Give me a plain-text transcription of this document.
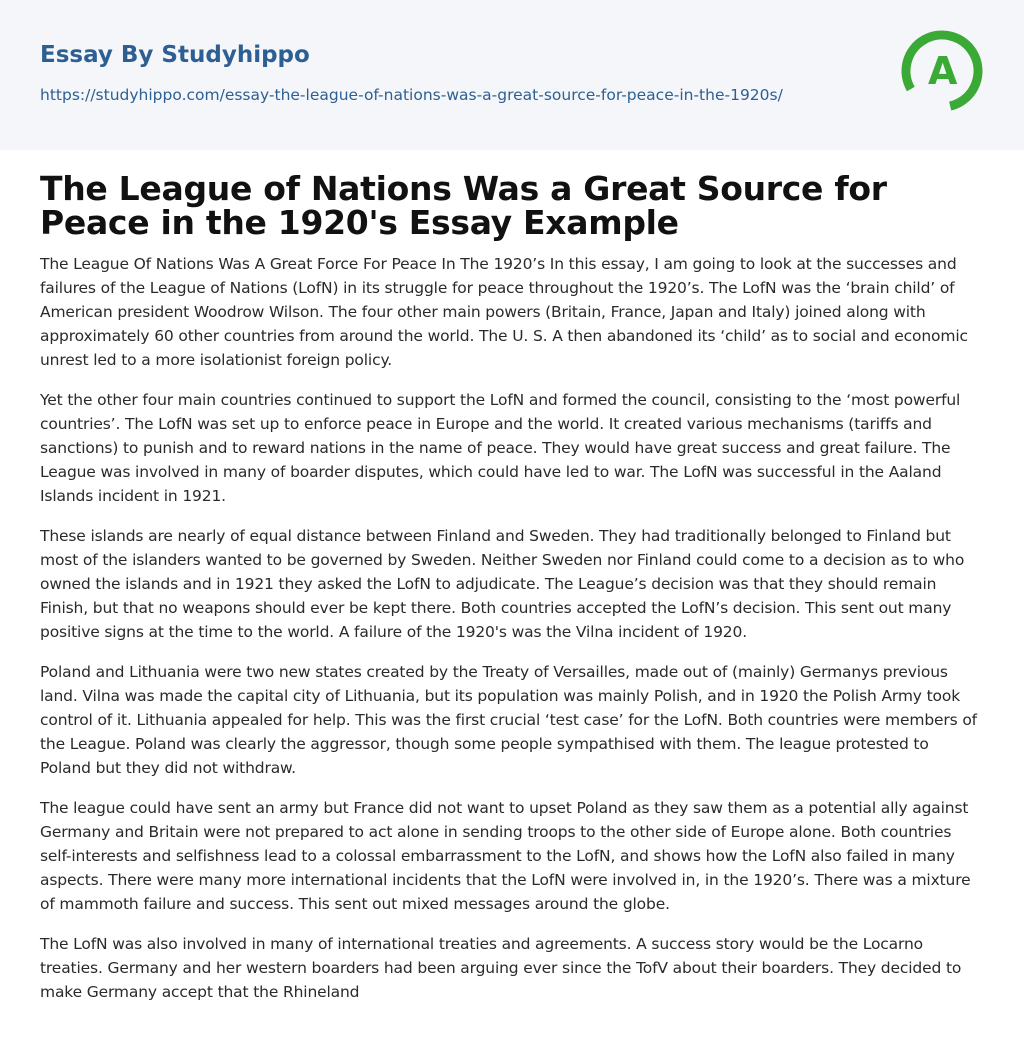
Essay By Studyhippo
https://studyhippo.com/essay-the-league-of-nations-was-a-great-source-for-peace-in-the-1920s/
A
The League of Nations Was a Great Source for Peace in the 1920's Essay Example

The League Of Nations Was A Great Force For Peace In The 1920’s In this essay, I am going to look at the successes and failures of the League of Nations (LofN) in its struggle for peace throughout the 1920’s. The LofN was the ‘brain child’ of American president Woodrow Wilson. The four other main powers (Britain, France, Japan and Italy) joined along with approximately 60 other countries from around the world. The U. S. A then abandoned its ‘child’ as to social and economic unrest led to a more isolationist foreign policy.

Yet the other four main countries continued to support the LofN and formed the council, consisting to the ‘most powerful countries’. The LofN was set up to enforce peace in Europe and the world. It created various mechanisms (tariffs and sanctions) to punish and to reward nations in the name of peace. They would have great success and great failure. The League was involved in many of boarder disputes, which could have led to war. The LofN was successful in the Aaland Islands incident in 1921.

These islands are nearly of equal distance between Finland and Sweden. They had traditionally belonged to Finland but most of the islanders wanted to be governed by Sweden. Neither Sweden nor Finland could come to a decision as to who owned the islands and in 1921 they asked the LofN to adjudicate. The League’s decision was that they should remain Finish, but that no weapons should ever be kept there. Both countries accepted the LofN’s decision. This sent out many positive signs at the time to the world. A failure of the 1920's was the Vilna incident of 1920.

Poland and Lithuania were two new states created by the Treaty of Versailles, made out of (mainly) Germanys previous land. Vilna was made the capital city of Lithuania, but its population was mainly Polish, and in 1920 the Polish Army took control of it. Lithuania appealed for help. This was the first crucial ‘test case’ for the LofN. Both countries were members of the League. Poland was clearly the aggressor, though some people sympathised with them. The league protested to Poland but they did not withdraw.

The league could have sent an army but France did not want to upset Poland as they saw them as a potential ally against Germany and Britain were not prepared to act alone in sending troops to the other side of Europe alone. Both countries self-interests and selfishness lead to a colossal embarrassment to the LofN, and shows how the LofN also failed in many aspects. There were many more international incidents that the LofN were involved in, in the 1920’s. There was a mixture of mammoth failure and success. This sent out mixed messages around the globe.

The LofN was also involved in many of international treaties and agreements. A success story would be the Locarno treaties. Germany and her western boarders had been arguing ever since the TofV about their boarders. They decided to make Germany accept that the Rhineland
